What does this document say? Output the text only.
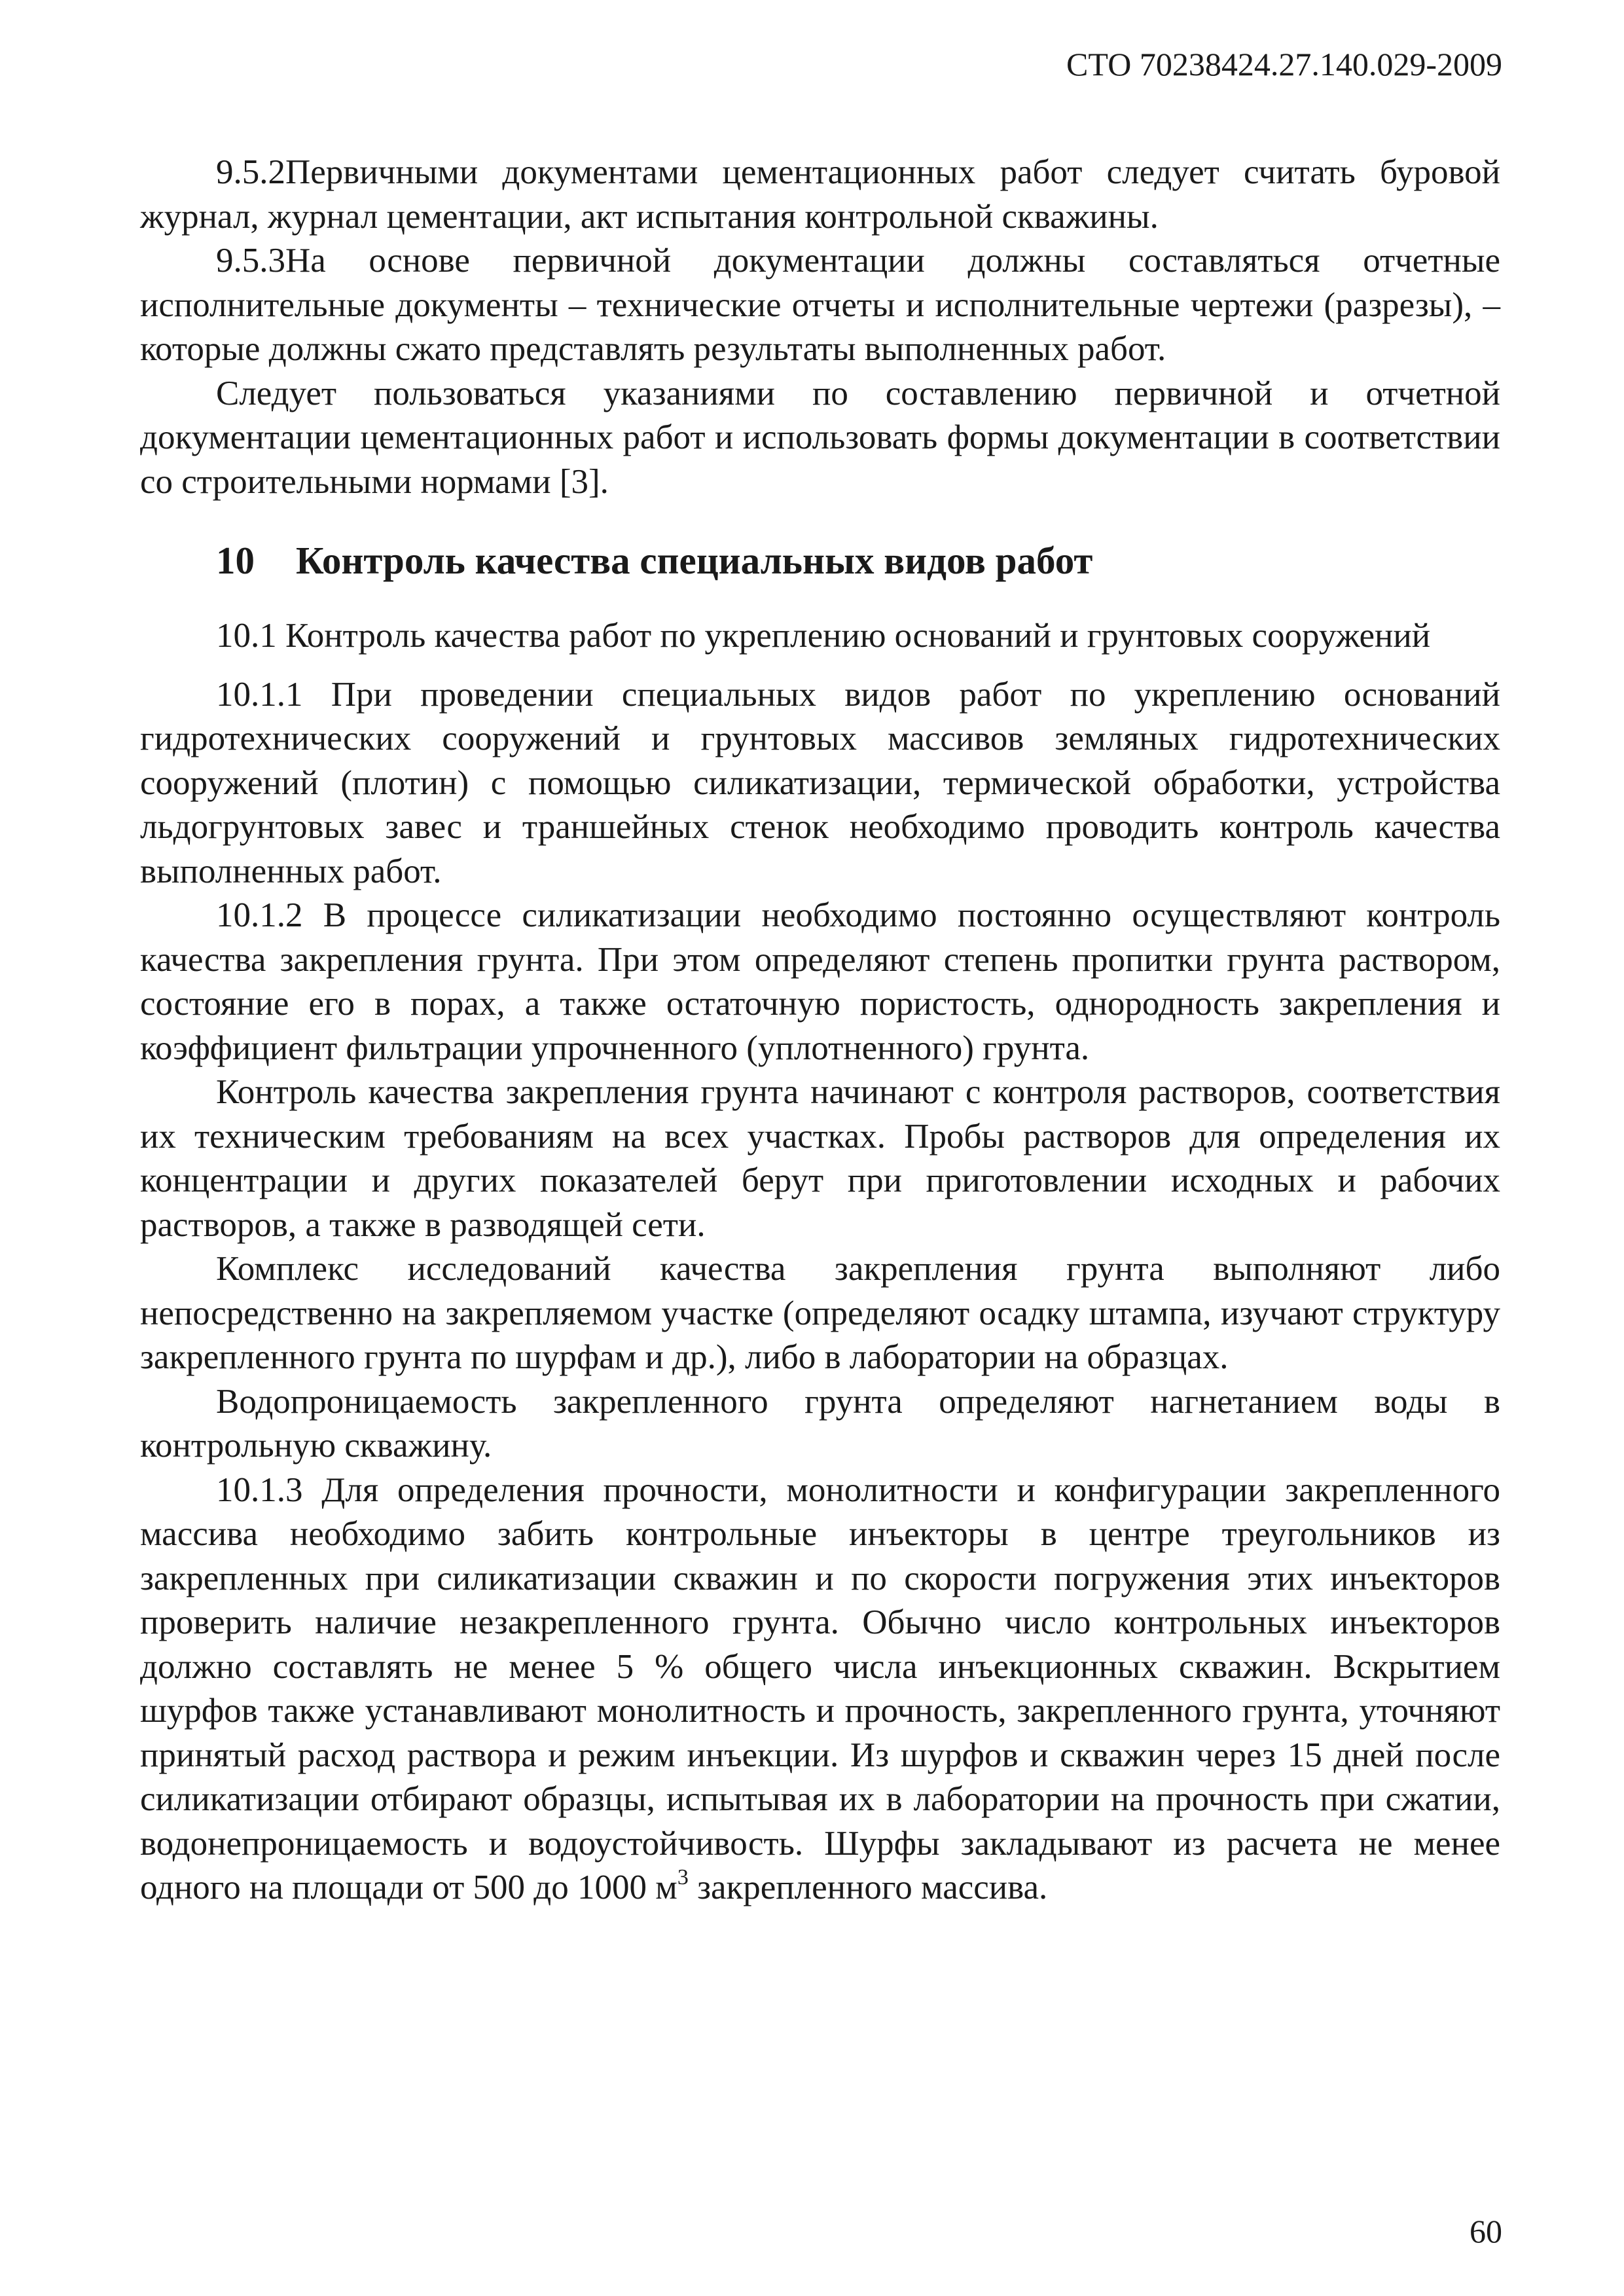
СТО 70238424.27.140.029-2009

9.5.2Первичными документами цементационных работ следует считать буровой журнал, журнал цементации, акт испытания контрольной скважины.

9.5.3На основе первичной документации должны составляться отчетные исполнительные документы – технические отчеты и исполнительные чертежи (разрезы), – которые должны сжато представлять результаты выполненных работ.

Следует пользоваться указаниями по составлению первичной и отчетной документации цементационных работ и использовать формы документации в соответствии со строительными нормами [3].

10 Контроль качества специальных видов работ

10.1 Контроль качества работ по укреплению оснований и грунтовых сооружений

10.1.1 При проведении специальных видов работ по укреплению оснований гидротехнических сооружений и грунтовых массивов земляных гидротехнических сооружений (плотин) с помощью силикатизации, термической обработки, устройства льдогрунтовых завес и траншейных стенок необходимо проводить контроль качества выполненных работ.

10.1.2 В процессе силикатизации необходимо постоянно осуществляют контроль качества закрепления грунта. При этом определяют степень пропитки грунта раствором, состояние его в порах, а также остаточную пористость, однородность закрепления и коэффициент фильтрации упрочненного (уплотненного) грунта.

Контроль качества закрепления грунта начинают с контроля растворов, соответствия их техническим требованиям на всех участках. Пробы растворов для определения их концентрации и других показателей берут при приготовлении исходных и рабочих растворов, а также в разводящей сети.

Комплекс исследований качества закрепления грунта выполняют либо непосредственно на закрепляемом участке (определяют осадку штампа, изучают структуру закрепленного грунта по шурфам и др.), либо в лаборатории на образцах.

Водопроницаемость закрепленного грунта определяют нагнетанием воды в контрольную скважину.

10.1.3 Для определения прочности, монолитности и конфигурации закрепленного массива необходимо забить контрольные инъекторы в центре треугольников из закрепленных при силикатизации скважин и по скорости погружения этих инъекторов проверить наличие незакрепленного грунта. Обычно число контрольных инъекторов должно составлять не менее 5 % общего числа инъекционных скважин. Вскрытием шурфов также устанавливают монолитность и прочность, закрепленного грунта, уточняют принятый расход раствора и режим инъекции. Из шурфов и скважин через 15 дней после силикатизации отбирают образцы, испытывая их в лаборатории на прочность при сжатии, водонепроницаемость и водоустойчивость. Шурфы закладывают из расчета не менее одного на площади от 500 до 1000 $м^3$ закрепленного массива.

60
